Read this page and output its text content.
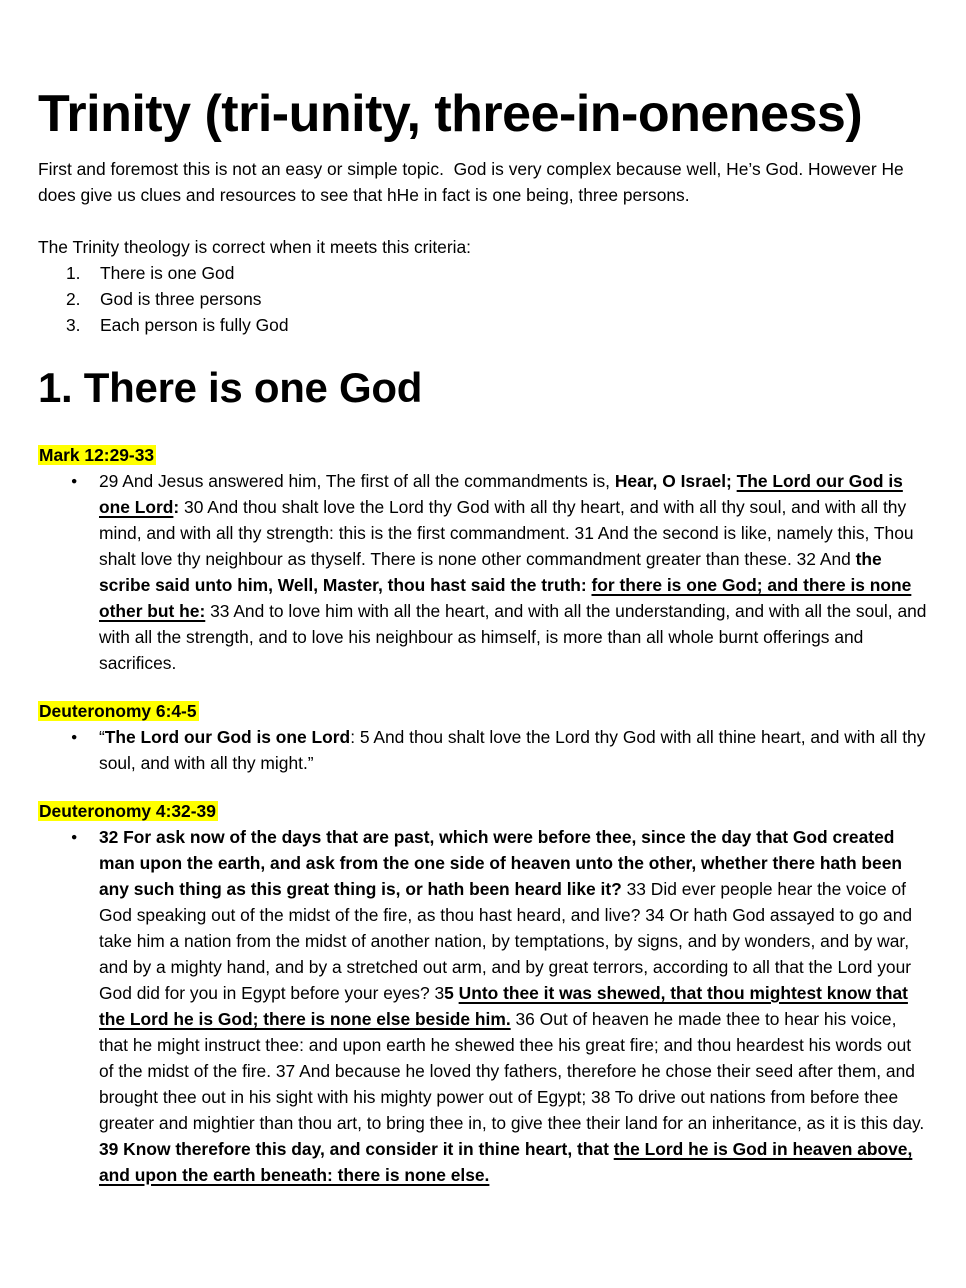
Trinity (tri-unity, three-in-oneness)

First and foremost this is not an easy or simple topic.  God is very complex because well, He’s God. However He does give us clues and resources to see that hHe in fact is one being, three persons.

The Trinity theology is correct when it meets this criteria:

1.	There is one God
2.	God is three persons
3.	Each person is fully God
1. There is one God
Mark 12:29-33
●	29 And Jesus answered him, The first of all the commandments is, Hear, O Israel; The Lord our God is one Lord: 30 And thou shalt love the Lord thy God with all thy heart, and with all thy soul, and with all thy mind, and with all thy strength: this is the first commandment. 31 And the second is like, namely this, Thou shalt love thy neighbour as thyself. There is none other commandment greater than these. 32 And the scribe said unto him, Well, Master, thou hast said the truth: for there is one God; and there is none other but he: 33 And to love him with all the heart, and with all the understanding, and with all the soul, and with all the strength, and to love his neighbour as himself, is more than all whole burnt offerings and sacrifices.
Deuteronomy 6:4-5
●	“The Lord our God is one Lord: 5 And thou shalt love the Lord thy God with all thine heart, and with all thy soul, and with all thy might.”
Deuteronomy 4:32-39
●	32 For ask now of the days that are past, which were before thee, since the day that God created man upon the earth, and ask from the one side of heaven unto the other, whether there hath been any such thing as this great thing is, or hath been heard like it? 33 Did ever people hear the voice of God speaking out of the midst of the fire, as thou hast heard, and live? 34 Or hath God assayed to go and take him a nation from the midst of another nation, by temptations, by signs, and by wonders, and by war, and by a mighty hand, and by a stretched out arm, and by great terrors, according to all that the Lord your God did for you in Egypt before your eyes? 35 Unto thee it was shewed, that thou mightest know that the Lord he is God; there is none else beside him. 36 Out of heaven he made thee to hear his voice, that he might instruct thee: and upon earth he shewed thee his great fire; and thou heardest his words out of the midst of the fire. 37 And because he loved thy fathers, therefore he chose their seed after them, and brought thee out in his sight with his mighty power out of Egypt; 38 To drive out nations from before thee greater and mightier than thou art, to bring thee in, to give thee their land for an inheritance, as it is this day. 39 Know therefore this day, and consider it in thine heart, that the Lord he is God in heaven above, and upon the earth beneath: there is none else.
